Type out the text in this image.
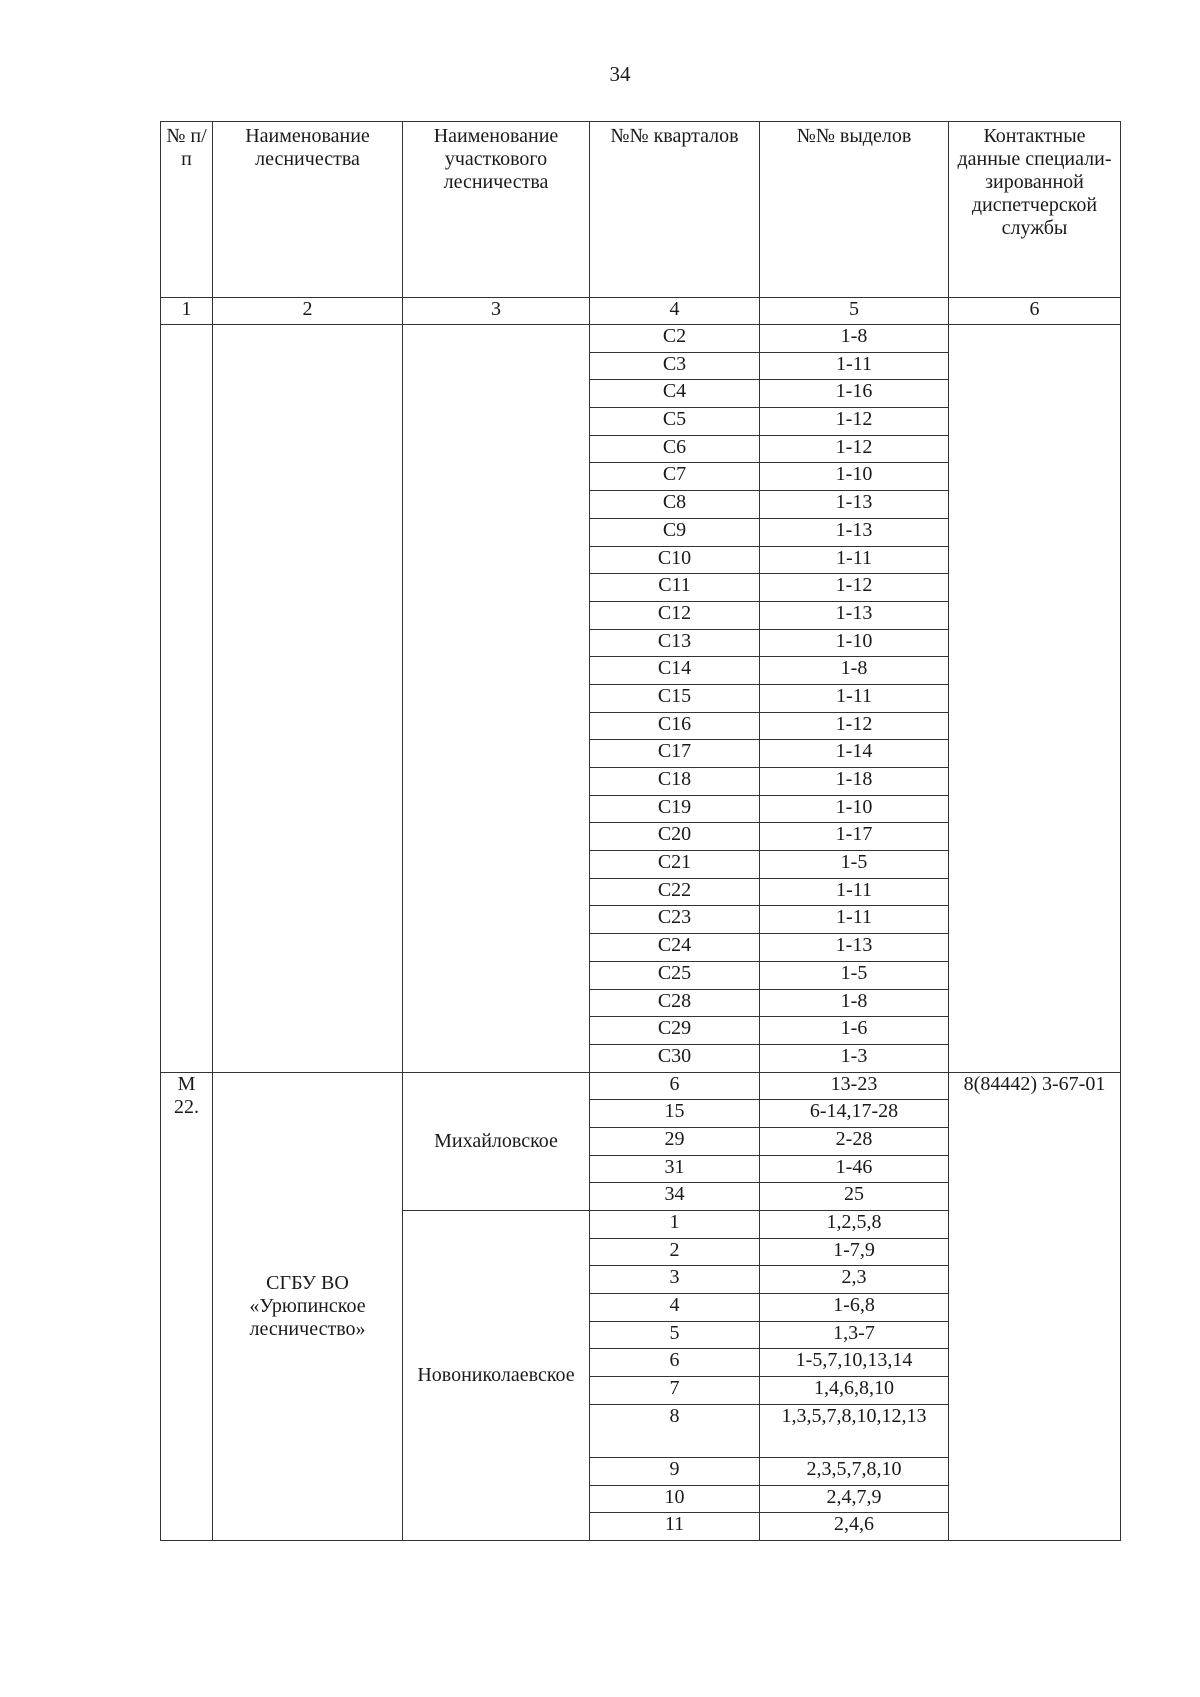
34
№ п/п	Наименование лесничества	Наименование участкового лесничества	№№ кварталов	№№ выделов	Контактные данные специали-зированной диспетчерской службы
1	2	3	4	5	6
			С2	1-8	
			С3	1-11	
			С4	1-16	
			С5	1-12	
			С6	1-12	
			С7	1-10	
			С8	1-13	
			С9	1-13	
			С10	1-11	
			С11	1-12	
			С12	1-13	
			С13	1-10	
			С14	1-8	
			С15	1-11	
			С16	1-12	
			С17	1-14	
			С18	1-18	
			С19	1-10	
			С20	1-17	
			С21	1-5	
			С22	1-11	
			С23	1-11	
			С24	1-13	
			С25	1-5	
			С28	1-8	
			С29	1-6	
			С30	1-3	
М 22.	СГБУ ВО «Урюпинское лесничество»	Михайловское	6	13-23	8(84442) 3-67-01
			15	6-14,17-28	
			29	2-28	
			31	1-46	
			34	25	
		Новониколаевское	1	1,2,5,8	
			2	1-7,9	
			3	2,3	
			4	1-6,8	
			5	1,3-7	
			6	1-5,7,10,13,14	
			7	1,4,6,8,10	
			8	1,3,5,7,8,10,12,13	
			9	2,3,5,7,8,10	
			10	2,4,7,9	
			11	2,4,6	
